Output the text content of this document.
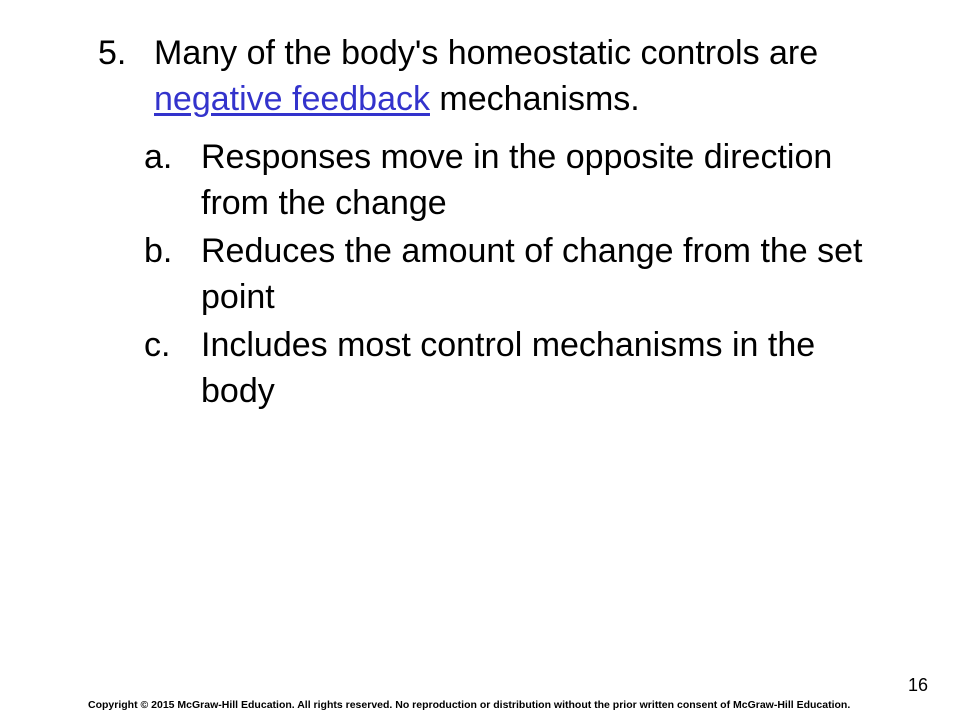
5. Many of the body's homeostatic controls are negative feedback mechanisms.
a. Responses move in the opposite direction from the change
b. Reduces the amount of change from the set point
c. Includes most control mechanisms in the body
16
Copyright © 2015 McGraw-Hill Education. All rights reserved. No reproduction or distribution without the prior written consent of McGraw-Hill Education.
